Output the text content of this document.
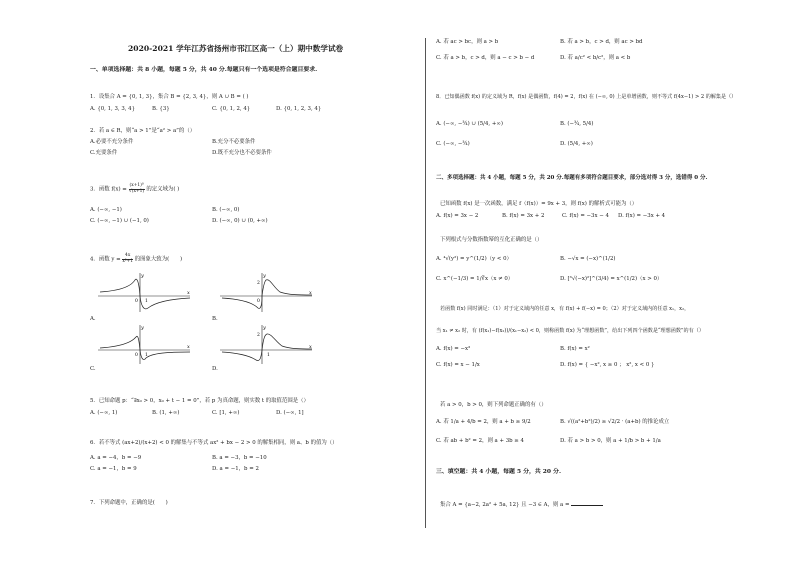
2020-2021 学年江苏省扬州市邗江区高一（上）期中数学试卷
一、单项选择题：共 8 小题，每题 5 分，共 40 分.每题只有一个选项是符合题目要求.
1．设集合 A = {0, 1, 3}，集合 B = {2, 3, 4}，则 A ∪ B = ( )
A. {0, 1, 3, 3, 4}	B. {3}	C. {0, 1, 2, 4}	D. {0, 1, 2, 3, 4}
2．若 a ∈ R，则“a > 1”是“a² > a”的（）
A.必要不充分条件	B.充分不必要条件
C.充要条件	D.既不充分也不必要条件
3．函数 $f(x) = \frac{\text{(x+1)⁰}}{√(x+1)}$ 的定义域为( )
A. (−∞, −1)	B. (−∞, 0)
C. (−∞, −1) ∪ (−1, 0)	D. (−∞, 0) ∪ (0, +∞)
4．函数 $y = \frac{4x}{\text{x²+1}}$ 的图象大致为(　　)
y
x
0 1
A.
y
x
2
0
B.
y
x
0 1
C.
y
x
2
1
D.
5．已知命题 p：“∃x₀ > 0，x₀ + t − 1 = 0”，若 p 为真命题，则实数 t 的取值范围是（）
A. (−∞, 1)	B. (1, +∞)	C. [1, +∞)	D. (−∞, 1]
6．若不等式 (ax+2)/(x+2) < 0 的解集与不等式 ax² + bx − 2 > 0 的解集相同，则 a、b 的值为（）
A. a = −4，b = −9	B. a = −3，b = −10
C. a = −1，b = 9	D. a = −1，b = 2
7．下列命题中，正确的是(　　)
A. 若 ac > bc，则 a > b	B. 若 a > b，c > d，则 ac > bd
C. 若 a > b，c > d，则 a − c > b − d	D. 若 a/c² < b/c²，则 a < b
8．已知偶函数 f(x) 的定义域为 R，f(x) 是偶函数，f(4) = 2，f(x) 在 (−∞, 0) 上是单增函数，则不等式 f(4x−1) > 2 的解集是（）
A. (−∞, −¾) ∪ (5/4, +∞)	B. (−¾, 5/4)
C. (−∞, −¾)	D. (5/4, +∞)
二、多项选择题：共 4 小题，每题 5 分，共 20 分.每题有多项符合题目要求，部分选对得 3 分，选错得 0 分.
已知函数 f(x) 是一次函数，满足 f（f(x)）= 9x + 3，则 f(x) 的解析式可能为（）
A. f(x) = 3x − 2	B. f(x) = 3x + 2	C. f(x) = −3x − 4 D. f(x) = −3x + 4
下列根式与分数指数幂的互化正确的是（）
A. ⁴√(y²) = y^(1/2)（y < 0）	B. −√x = (−x)^(1/2)
C. x^(−1/3) = 1/∛x（x ≠ 0）	D. [³√(−x)²]^(3/4) = x^(1/2)（x > 0）
若函数 f(x) 同时满足：（1）对于定义域内的任意 x，有 f(x) + f(−x) = 0；（2）对于定义域内的任意 x₁，x₂，
当 x₁ ≠ x₂ 时，有 (f(x₁)−f(x₂))/(x₁−x₂) < 0，则称函数 f(x) 为“理想函数”，给出下列四个函数是“理想函数”的有（）
A. f(x) = −x³	B. f(x) = x²
C. f(x) = x − 1/x	D. f(x) = { −x², x ≥ 0 ； x², x < 0 }
若 a > 0，b > 0，则下列命题正确的有（）
A. 若 1/a + 4/b = 2，则 a + b ≥ 9/2	B. √((a²+b²)/2) ≥ √2/2 · (a+b) 的推论成立
C. 若 ab + b² = 2，则 a + 3b ≥ 4	D. 若 a > b > 0，则 a + 1/b > b + 1/a
三、填空题：共 4 小题，每题 5 分，共 20 分.
集合 A = {a−2, 2a² + 5a, 12} 且 −3 ∈ A，则 a =
